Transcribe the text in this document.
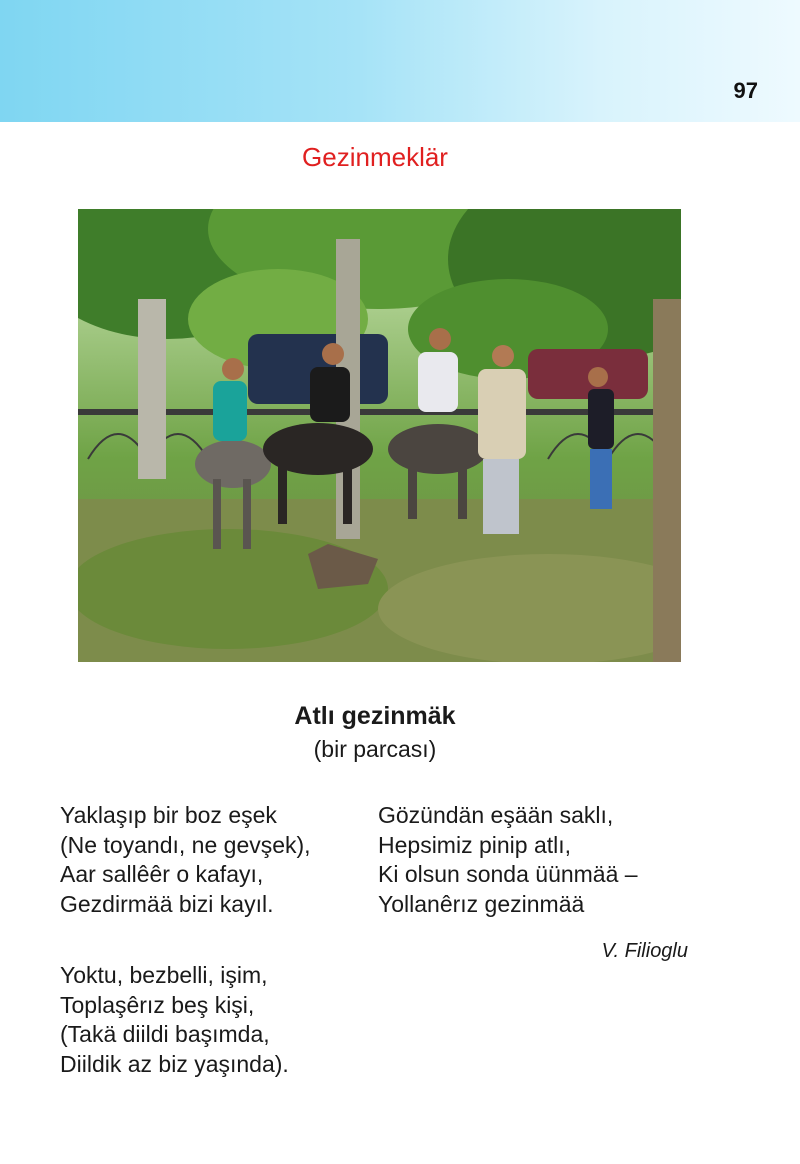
97
Gezinmeklär
Atlı gezinmäk
(bir parcası)
Yaklaşıp bir boz eşek
(Ne toyandı, ne gevşek),
Aar sallêêr o kafayı,
Gezdirmää bizi kayıl.
Yoktu, bezbelli, işim,
Toplaşêrız beş kişi,
(Takä diildi başımda,
Diildik az biz yaşında).
Gözündän eşään saklı,
Hepsimiz pinip atlı,
Ki olsun sonda üünmää –
Yollanêrız gezinmää
V. Filioglu
